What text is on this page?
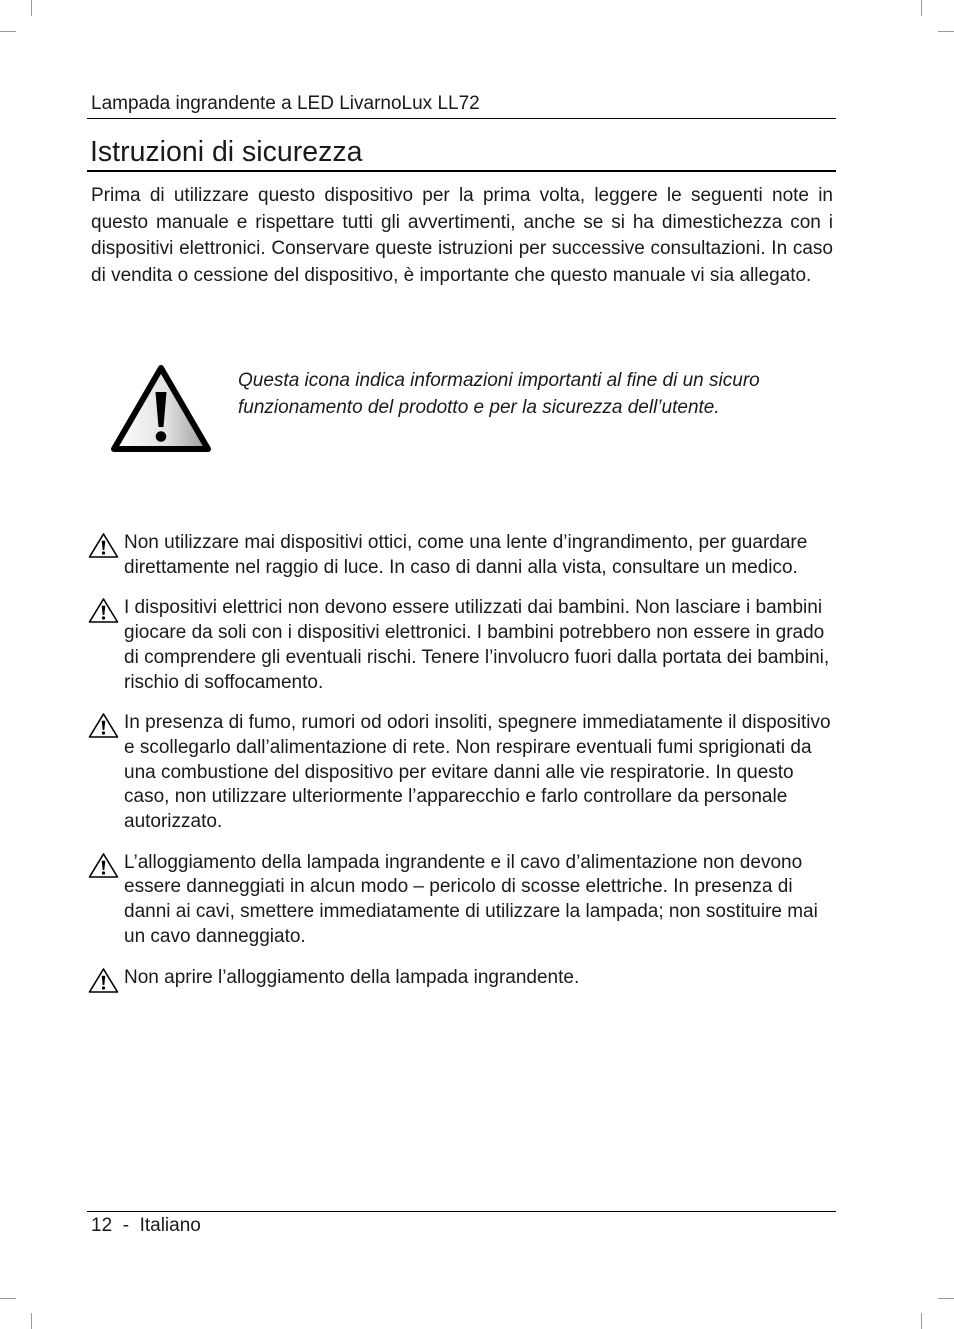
Lampada ingrandente a LED LivarnoLux LL72
Istruzioni di sicurezza

Prima di utilizzare questo dispositivo per la prima volta, leggere le seguenti note in questo manuale e rispettare tutti gli avvertimenti, anche se si ha dimestichezza con i dispositivi elettronici. Conservare queste istruzioni per successive consultazioni. In caso di vendita o cessione del dispositivo, è importante che questo manuale vi sia allegato.

Questa icona indica informazioni importanti al fine di un sicuro funzionamento del prodotto e per la sicurezza dell’utente.

Non utilizzare mai dispositivi ottici, come una lente d’ingrandimento, per guardare direttamente nel raggio di luce. In caso di danni alla vista, consultare un medico.
I dispositivi elettrici non devono essere utilizzati dai bambini. Non lasciare i bambini giocare da soli con i dispositivi elettronici. I bambini potrebbero non essere in grado di comprendere gli eventuali rischi. Tenere l’involucro fuori dalla portata dei bambini, rischio di soffocamento.
In presenza di fumo, rumori od odori insoliti, spegnere immediatamente il dispositivo e scollegarlo dall’alimentazione di rete. Non respirare eventuali fumi sprigionati da una combustione del dispositivo per evitare danni alle vie respiratorie. In questo caso, non utilizzare ulteriormente l’apparecchio e farlo controllare da personale autorizzato.
L’alloggiamento della lampada ingrandente e il cavo d’alimentazione non devono essere danneggiati in alcun modo – pericolo di scosse elettriche. In presenza di danni ai cavi, smettere immediatamente di utilizzare la lampada; non sostituire mai un cavo danneggiato.
Non aprire l’alloggiamento della lampada ingrandente.
12  -  Italiano
